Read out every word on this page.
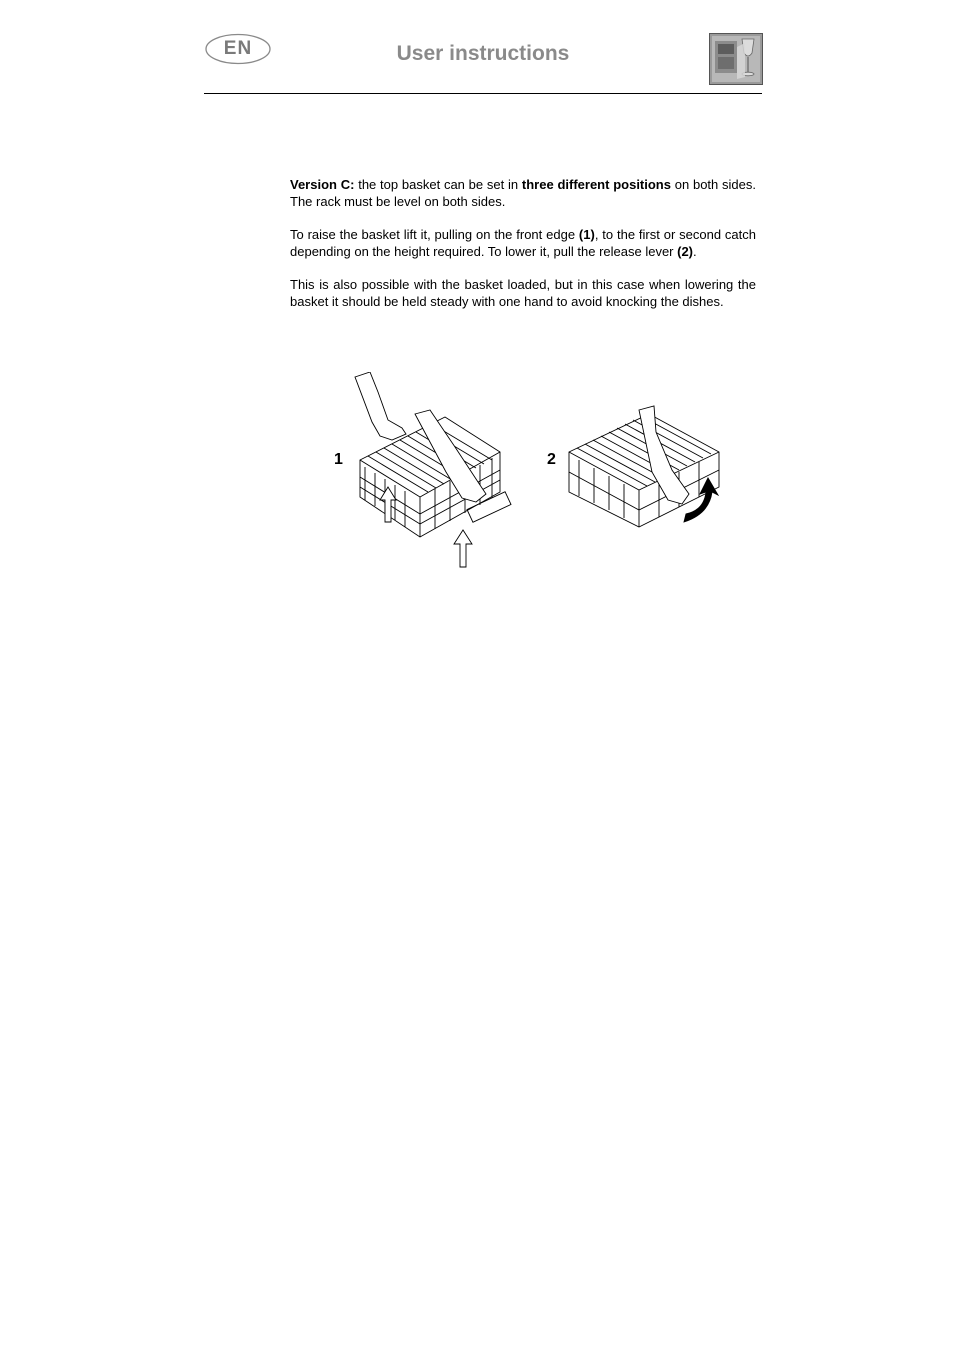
EN	User instructions

Version C: the top basket can be set in three different positions on both sides. The rack must be level on both sides.

To raise the basket lift it, pulling on the front edge (1), to the first or second catch depending on the height required. To lower it, pull the release lever (2).

This is also possible with the basket loaded, but in this case when lowering the basket it should be held steady with one hand to avoid knocking the dishes.

1	2
